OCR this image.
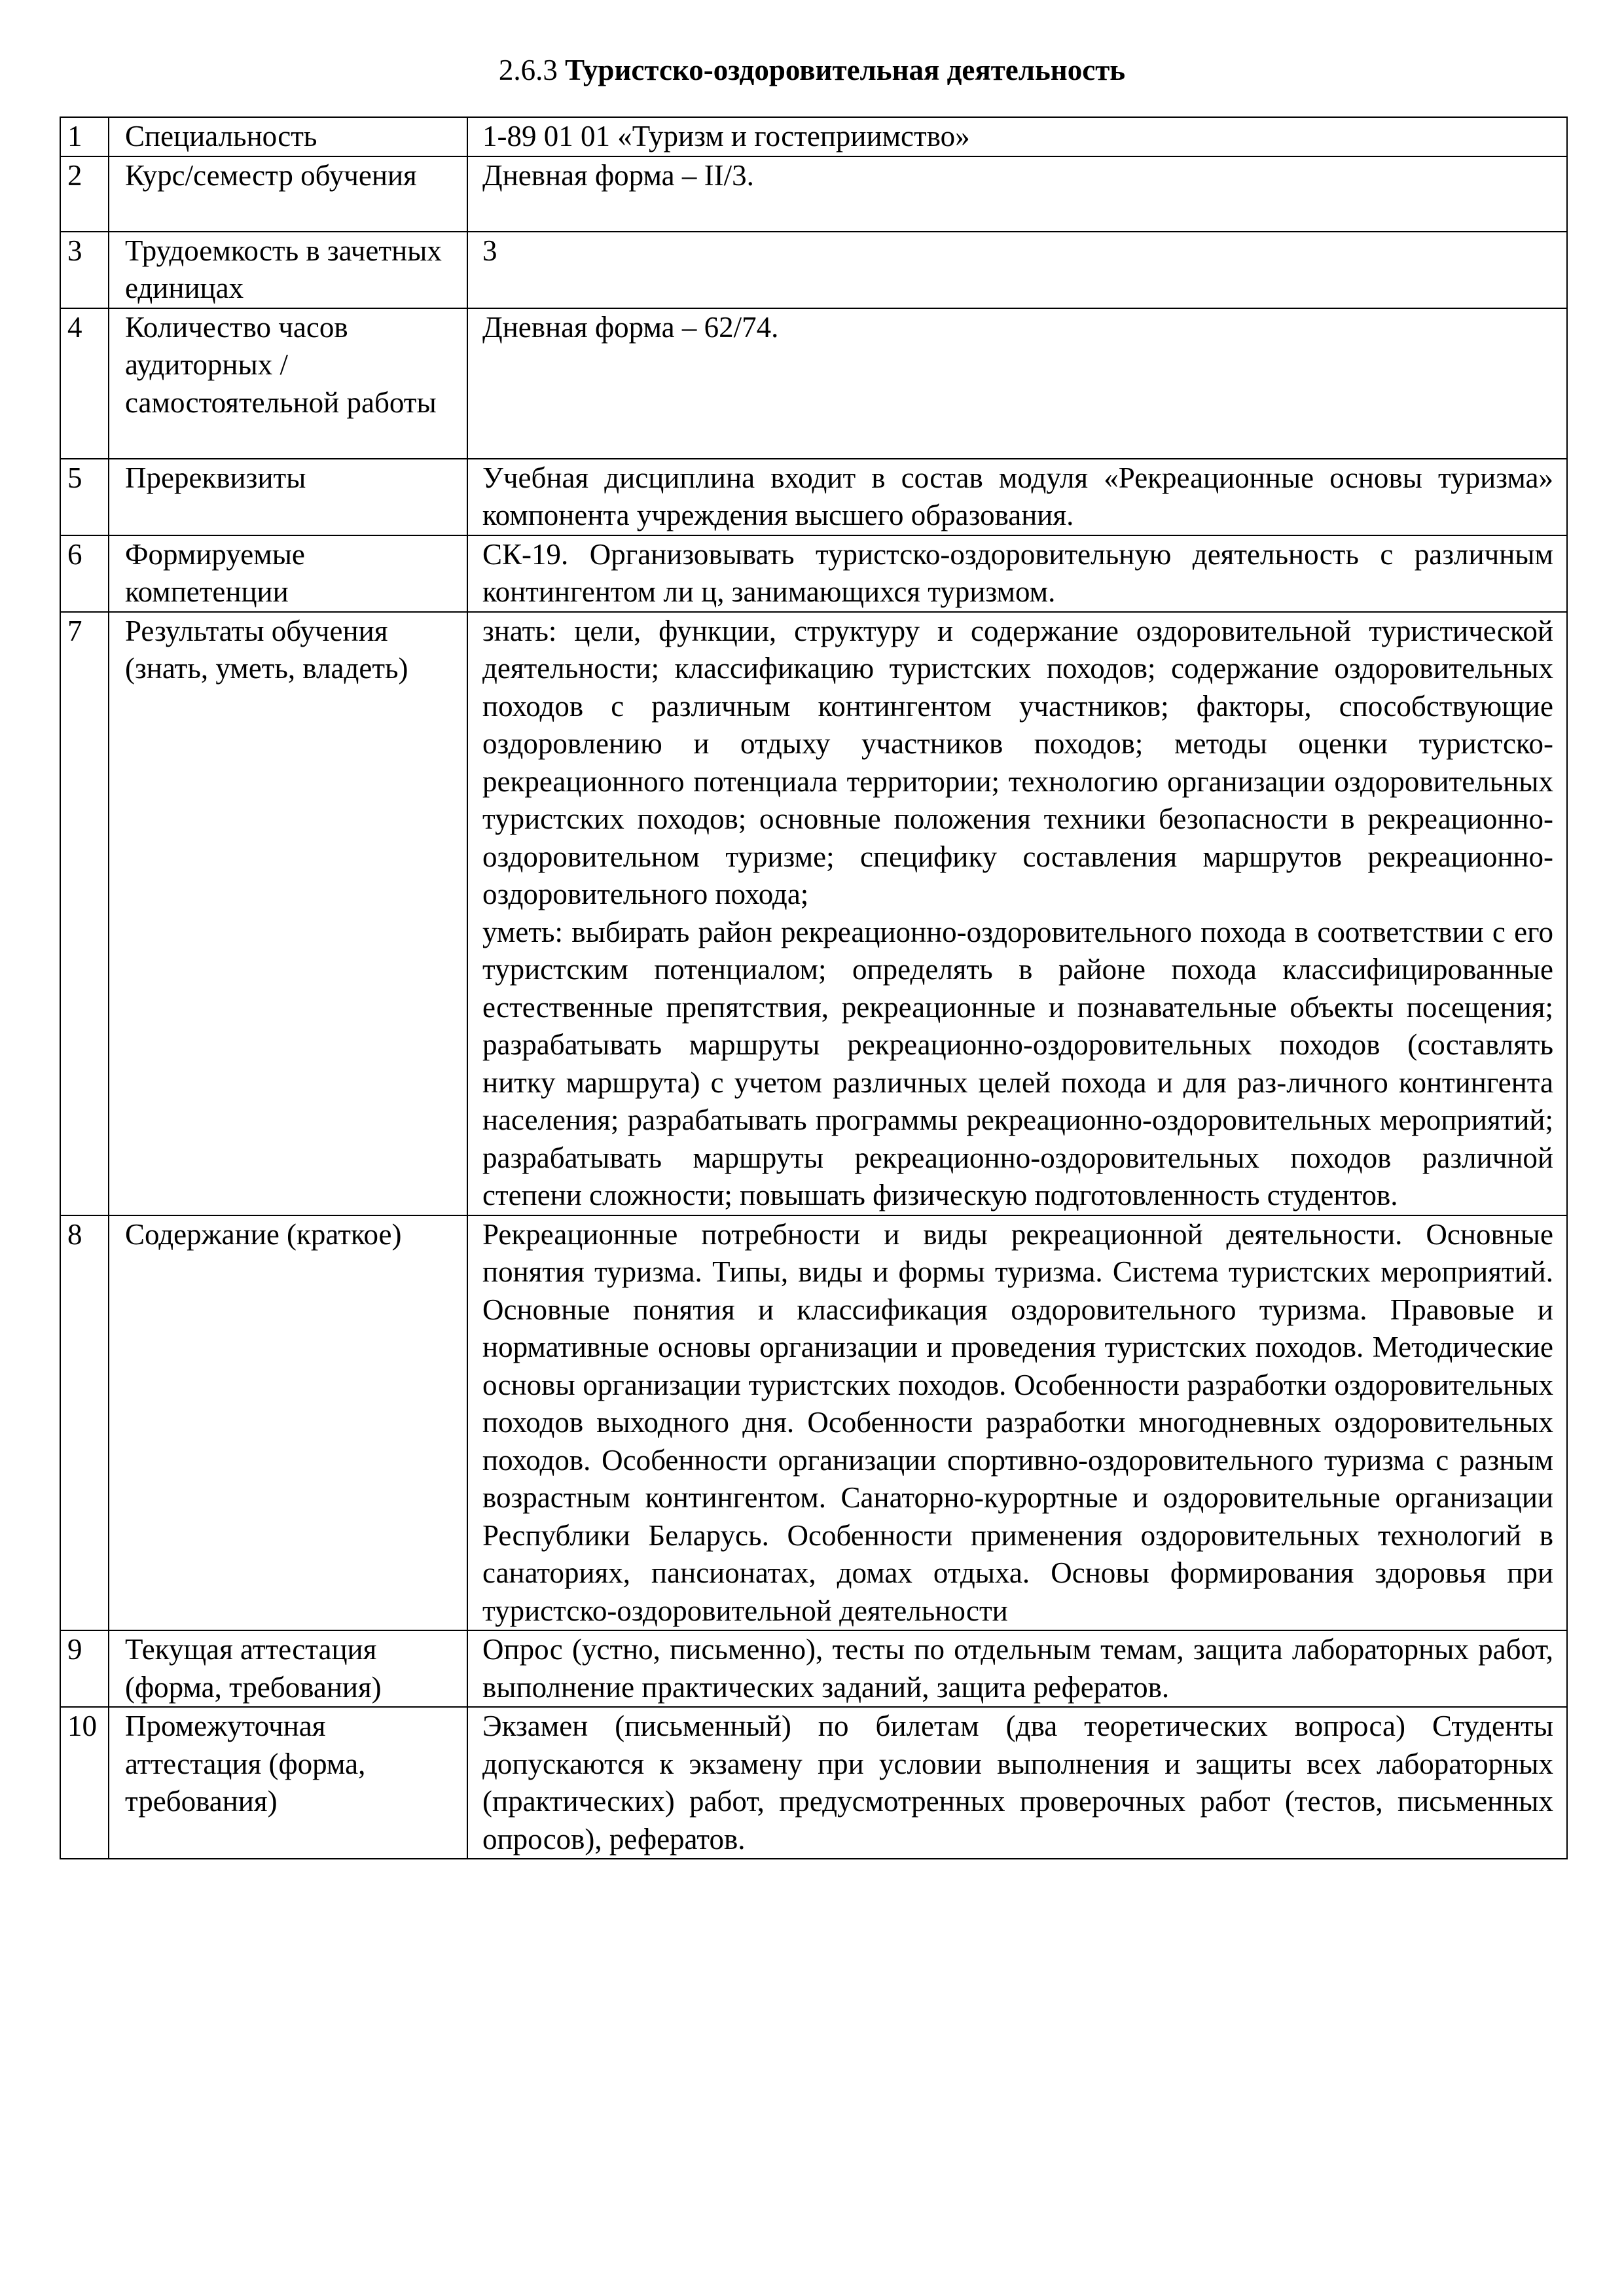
2.6.3 Туристско-оздоровительная деятельность
1	Специальность	1-89 01 01 «Туризм и гостеприимство»
2	Курс/семестр обучения	Дневная форма – II/3.
3	Трудоемкость в зачетных единицах	3
4	Количество часов аудиторных / самостоятельной работы	Дневная форма – 62/74.
5	Пререквизиты	Учебная дисциплина входит в состав модуля «Рекреационные основы туризма» компонента учреждения высшего образования.
6	Формируемые компетенции	СК-19. Организовывать туристско-оздоровительную деятельность с различным контингентом ли ц, занимающихся туризмом.
7	Результаты обучения (знать, уметь, владеть)	знать: цели, функции, структуру и содержание оздоровительной туристической деятельности; классификацию туристских походов; содержание оздоровительных походов с различным контингентом участников; факторы, способствующие оздоровлению и отдыху участников походов; методы оценки туристско-рекреационного потенциала территории; технологию организации оздоровительных туристских походов; основные положения техники безопасности в рекреационно-оздоровительном туризме; специфику составления маршрутов рекреационно-оздоровительного похода;
уметь: выбирать район рекреационно-оздоровительного похода в соответствии с его туристским потенциалом; определять в районе похода классифицированные естественные препятствия, рекреационные и познавательные объекты посещения; разрабатывать маршруты рекреационно-оздоровительных походов (составлять нитку маршрута) с учетом различных целей похода и для раз-личного контингента населения; разрабатывать программы рекреационно-оздоровительных мероприятий; разрабатывать маршруты рекреационно-оздоровительных походов различной степени сложности; повышать физическую подготовленность студентов.

8	Содержание (краткое)	Рекреационные потребности и виды рекреационной деятельности. Основные понятия туризма. Типы, виды и формы туризма. Система туристских мероприятий. Основные понятия и классификация оздоровительного туризма. Правовые и нормативные основы организации и проведения туристских походов. Методические основы организации туристских походов. Особенности разработки оздоровительных походов выходного дня. Особенности разработки многодневных оздоровительных походов. Особенности организации спортивно-оздоровительного туризма с разным возрастным контингентом. Санаторно-курортные и оздоровительные организации Республики Беларусь. Особенности применения оздоровительных технологий в санаториях, пансионатах, домах отдыха. Основы формирования здоровья при туристско-оздоровительной деятельности
9	Текущая аттестация (форма, требования)	Опрос (устно, письменно), тесты по отдельным темам, защита лабораторных работ, выполнение практических заданий, защита рефератов.
10	Промежуточная аттестация (форма, требования)	Экзамен (письменный) по билетам (два теоретических вопроса) Студенты допускаются к экзамену при условии выполнения и защиты всех лабораторных (практических) работ, предусмотренных проверочных работ (тестов, письменных опросов), рефератов.
